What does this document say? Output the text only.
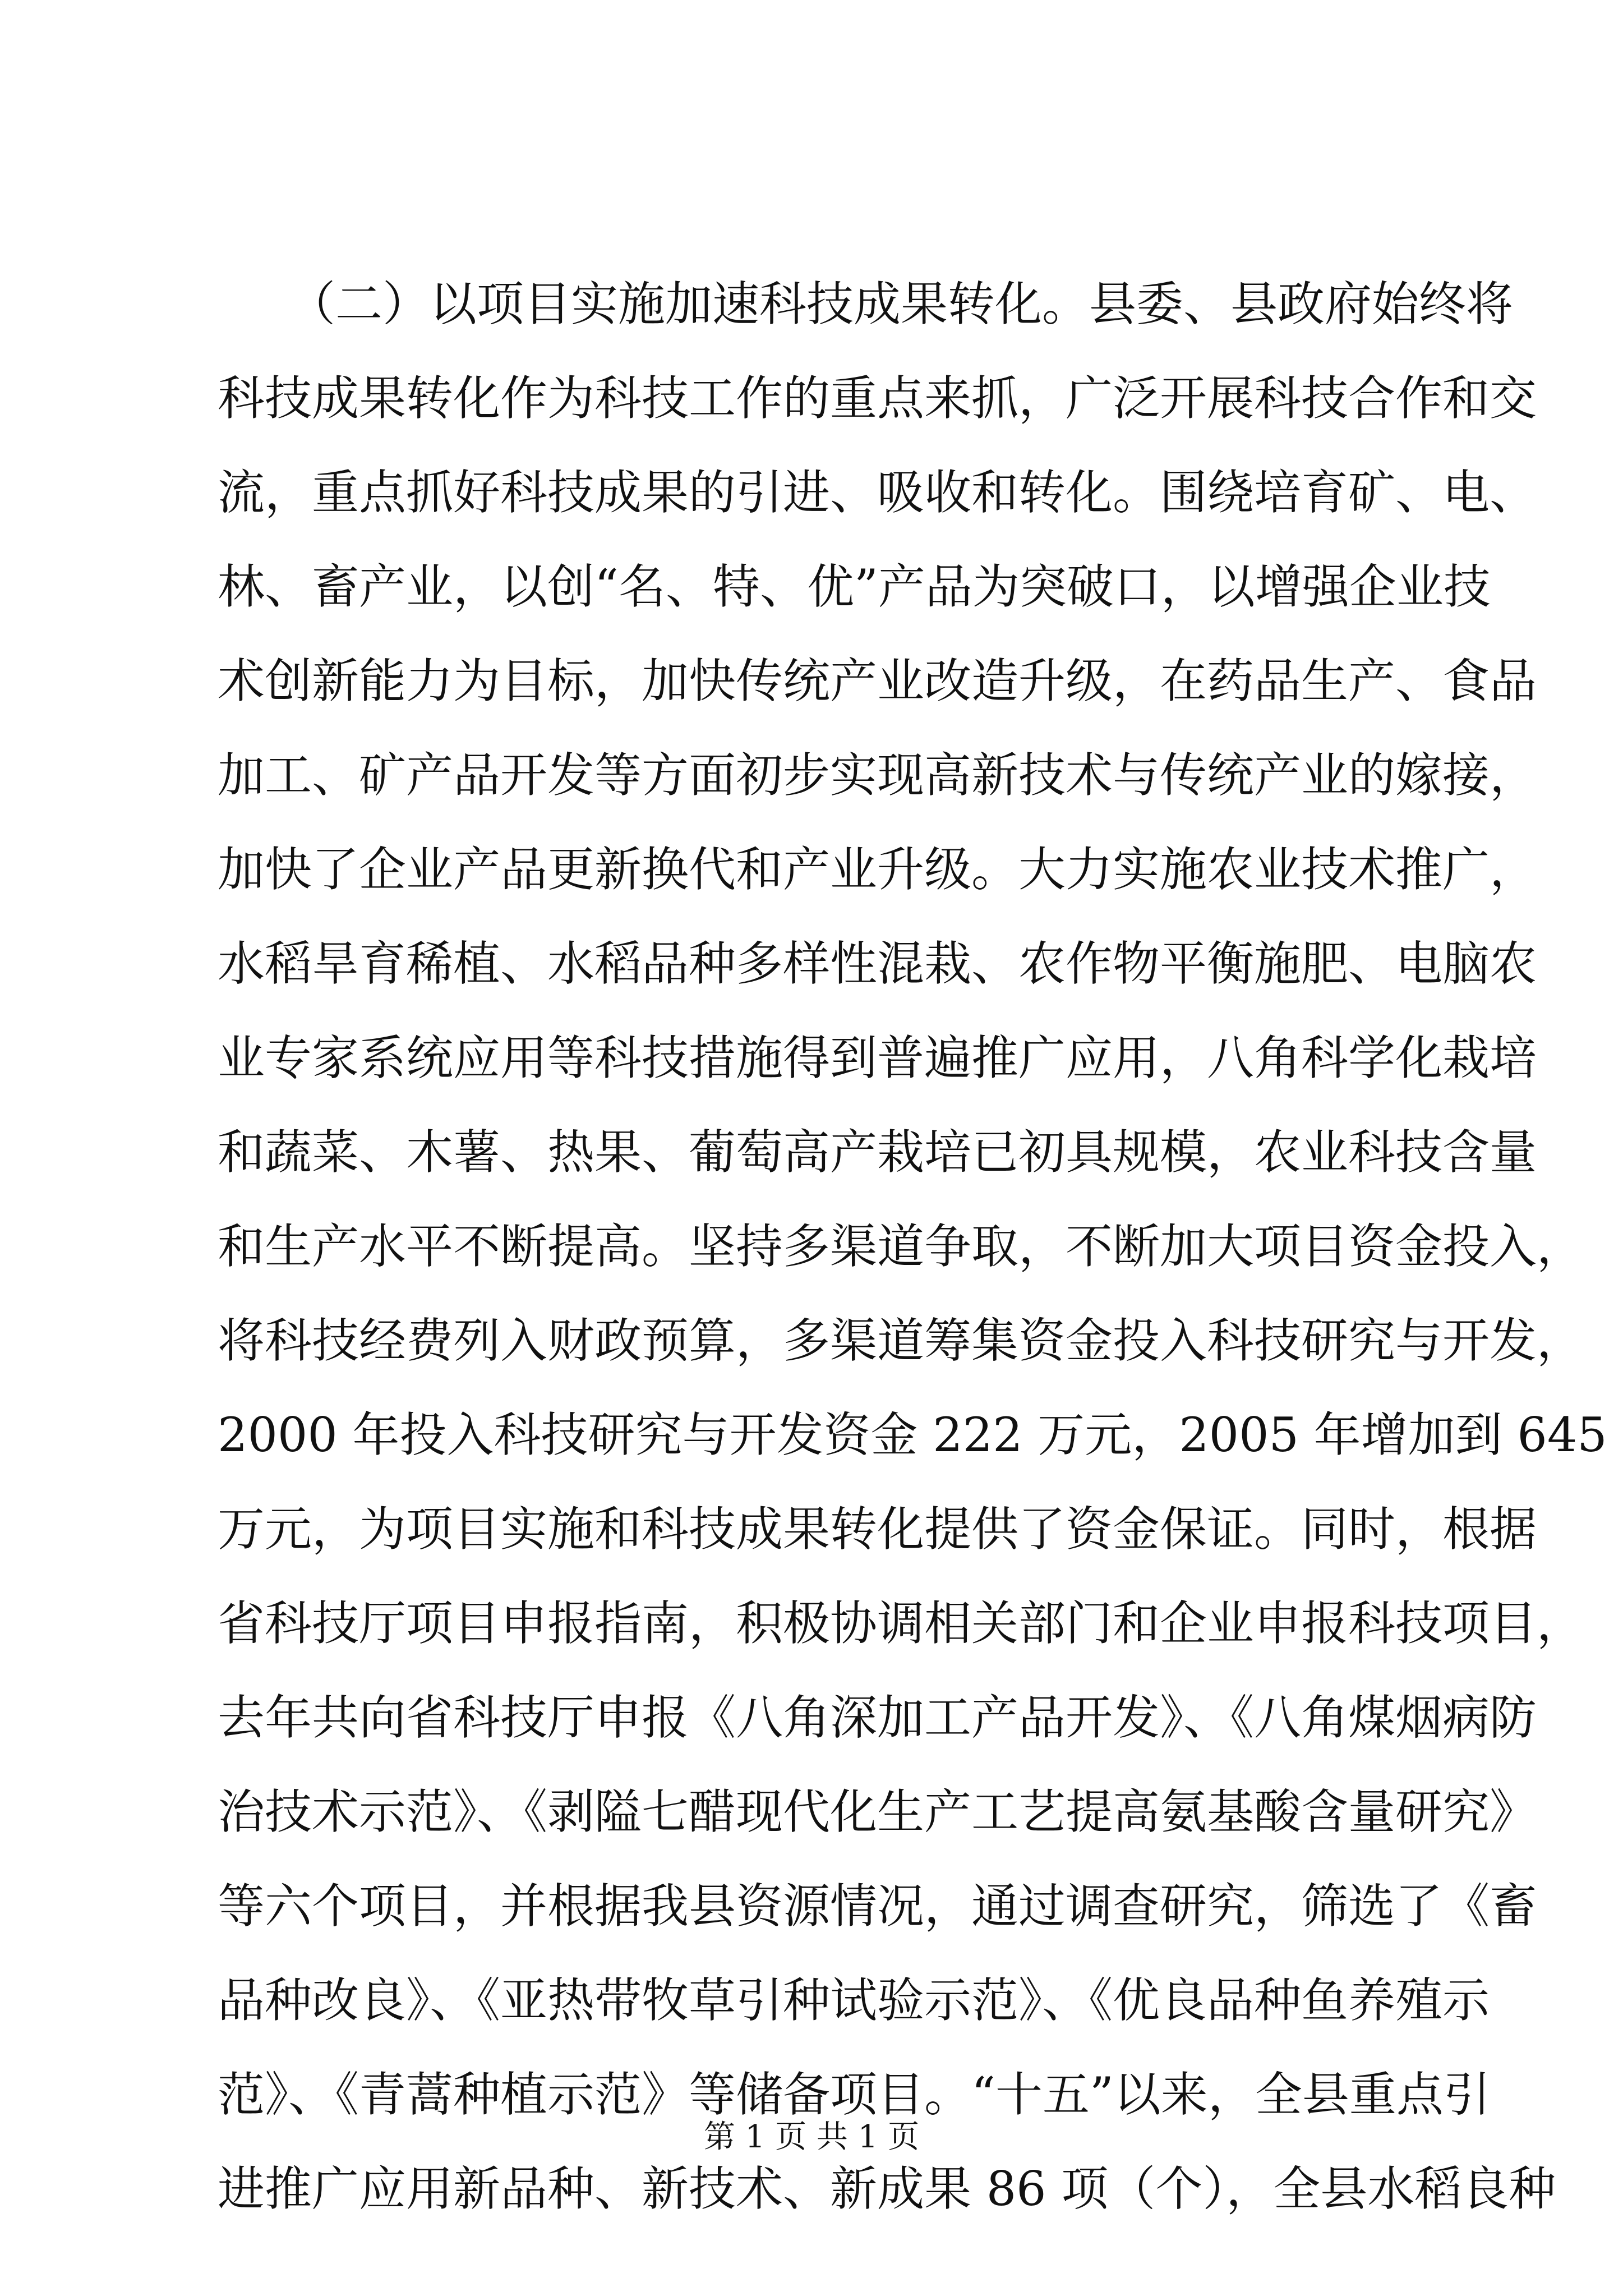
　　（二）以项目实施加速科技成果转化。县委、县政府始终将
科技成果转化作为科技工作的重点来抓，广泛开展科技合作和交
流，重点抓好科技成果的引进、吸收和转化。围绕培育矿、电、
林、畜产业，以创“名、特、优”产品为突破口，以增强企业技
术创新能力为目标，加快传统产业改造升级，在药品生产、食品
加工、矿产品开发等方面初步实现高新技术与传统产业的嫁接，
加快了企业产品更新换代和产业升级。大力实施农业技术推广，
水稻旱育稀植、水稻品种多样性混栽、农作物平衡施肥、电脑农
业专家系统应用等科技措施得到普遍推广应用，八角科学化栽培
和蔬菜、木薯、热果、葡萄高产栽培已初具规模，农业科技含量
和生产水平不断提高。坚持多渠道争取，不断加大项目资金投入，
将科技经费列入财政预算，多渠道筹集资金投入科技研究与开发，
2000 年投入科技研究与开发资金 222 万元，2005 年增加到 645
万元，为项目实施和科技成果转化提供了资金保证。同时，根据
省科技厅项目申报指南，积极协调相关部门和企业申报科技项目，
去年共向省科技厅申报《八角深加工产品开发》、《八角煤烟病防
治技术示范》、《剥隘七醋现代化生产工艺提高氨基酸含量研究》
等六个项目，并根据我县资源情况，通过调查研究，筛选了《畜
品种改良》、《亚热带牧草引种试验示范》、《优良品种鱼养殖示
范》、《青蒿种植示范》等储备项目。“十五”以来，全县重点引
进推广应用新品种、新技术、新成果 86 项（个），全县水稻良种
第 1 页 共 1 页
